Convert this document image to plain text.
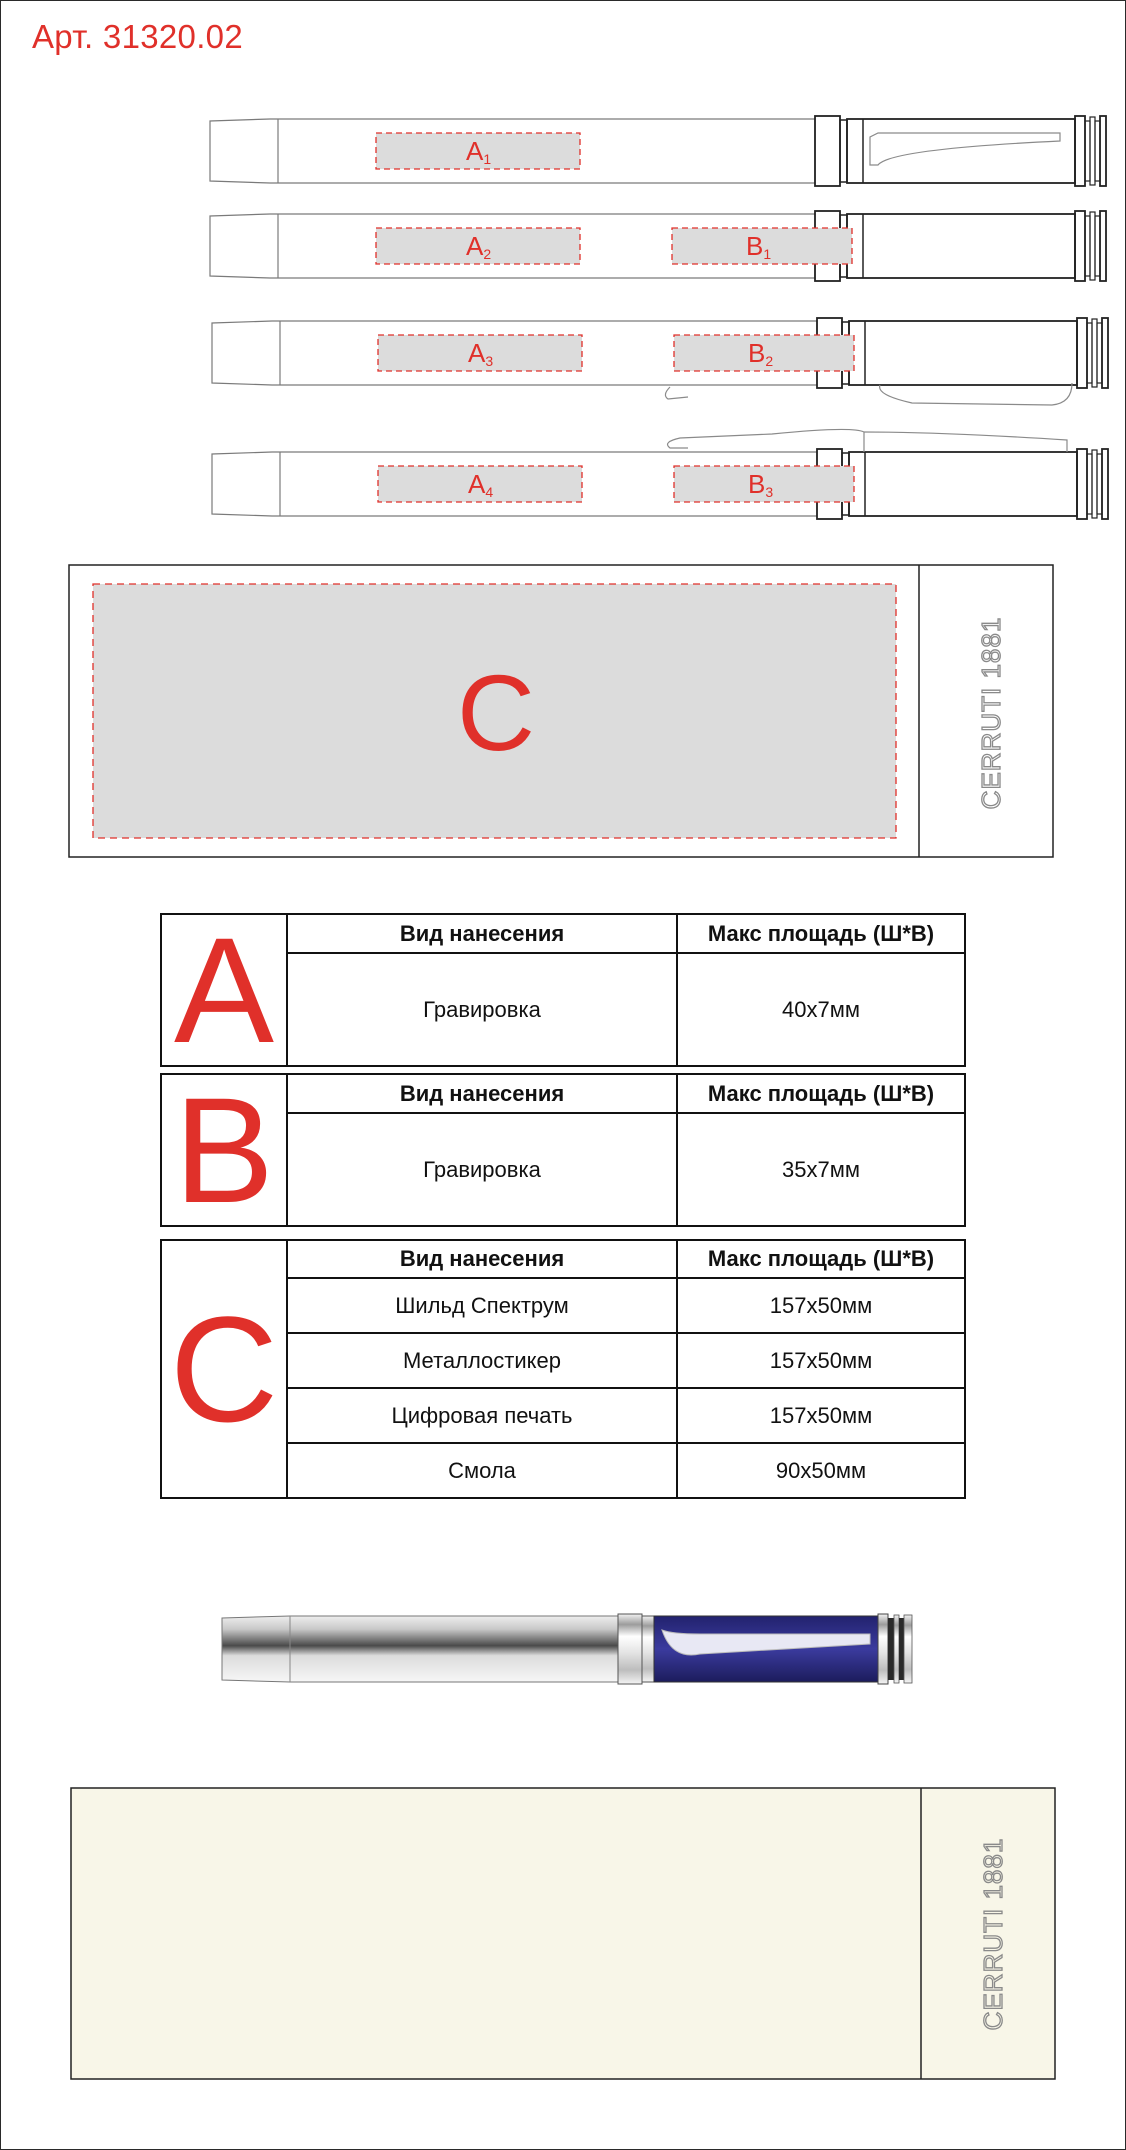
Арт. 31320.02
A1
A2	B1
A3	B2
A4	B3
C	CERRUTI 1881
A	Вид нанесения	Макс площадь (Ш*В)
	Гравировка	40x7мм
B	Вид нанесения	Макс площадь (Ш*В)
	Гравировка	35x7мм
C	Вид нанесения	Макс площадь (Ш*В)
	Шильд Спектрум	157x50мм
	Металлостикер	157x50мм
	Цифровая печать	157x50мм
	Смола	90x50мм
CERRUTI 1881
